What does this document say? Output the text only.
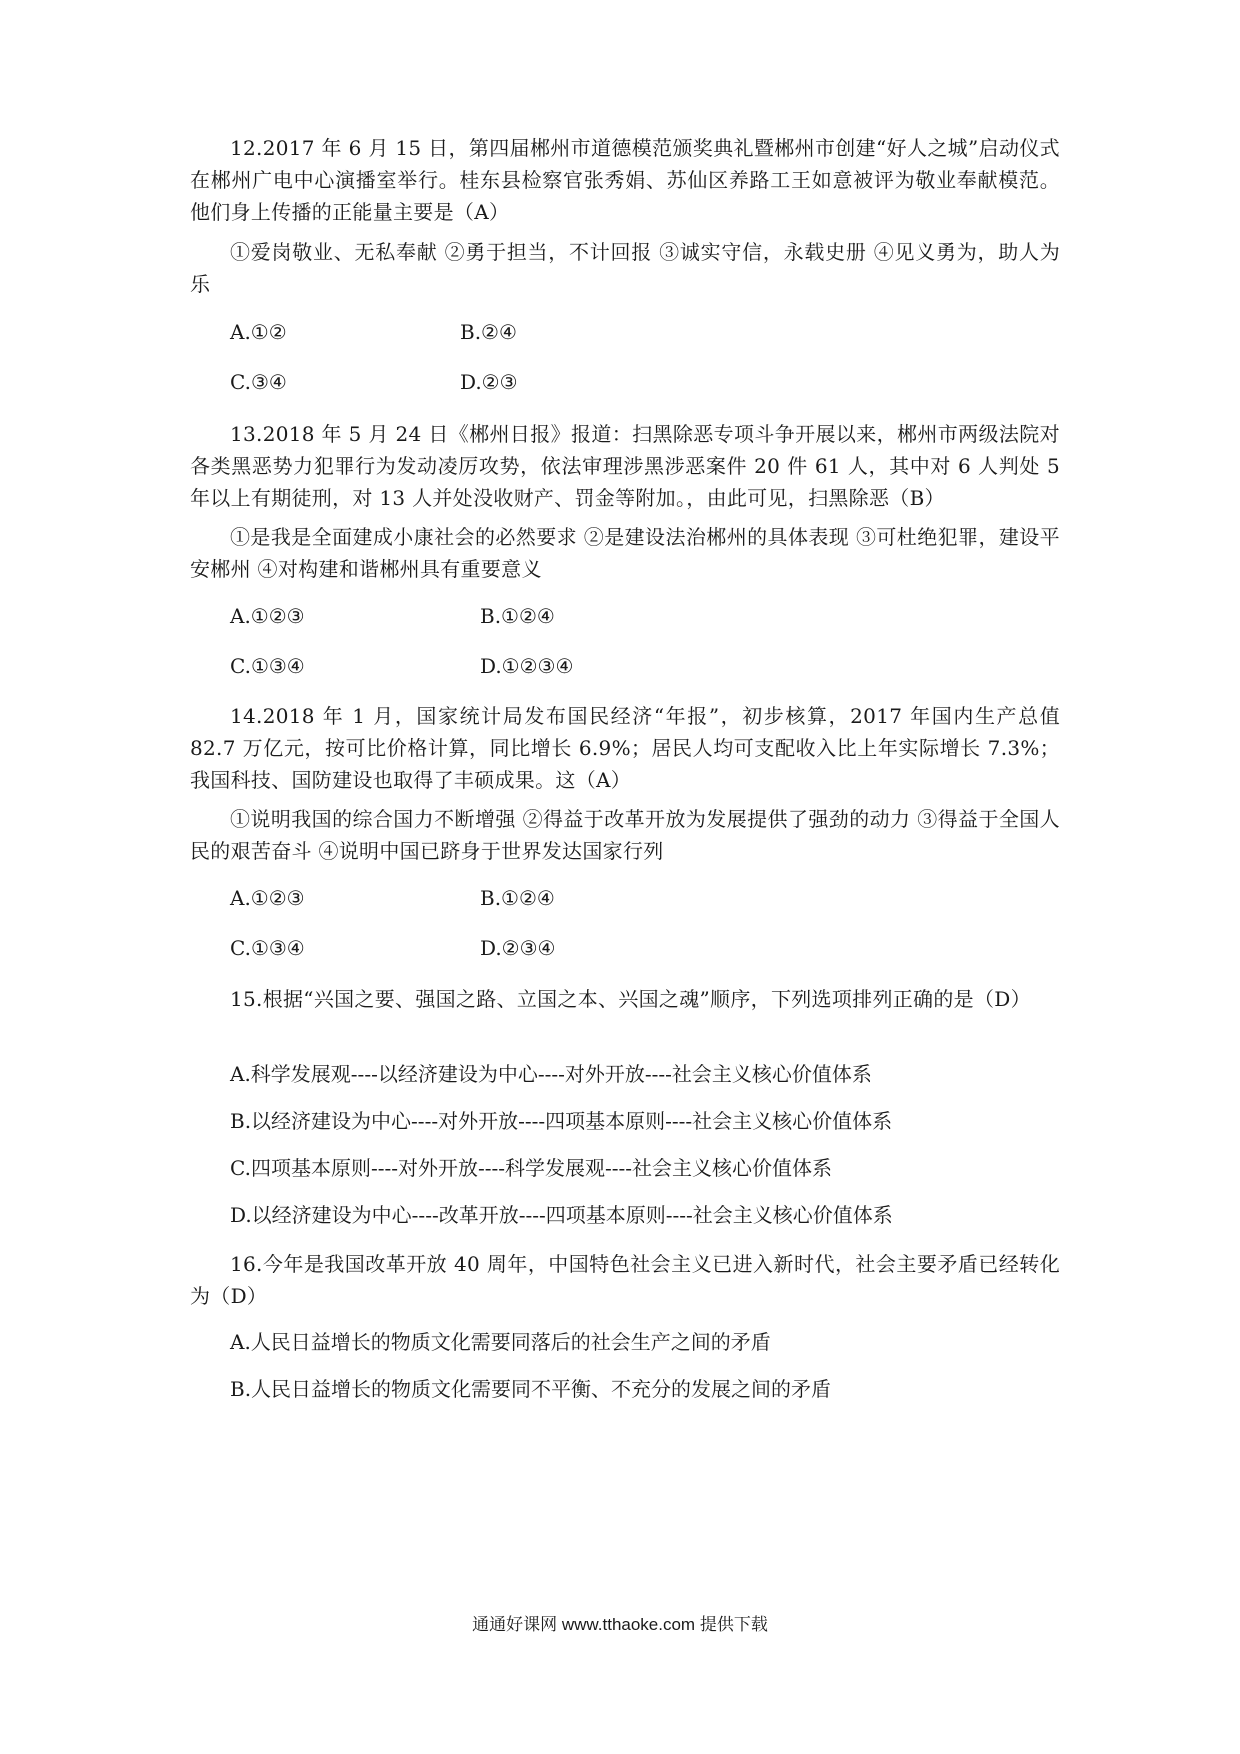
12.2017 年 6 月 15 日，第四届郴州市道德模范颁奖典礼暨郴州市创建“好人之城”启动仪式在郴州广电中心演播室举行。桂东县检察官张秀娟、苏仙区养路工王如意被评为敬业奉献模范。他们身上传播的正能量主要是（A）

①爱岗敬业、无私奉献 ②勇于担当，不计回报 ③诚实守信，永载史册 ④见义勇为，助人为乐

A.①②	B.②④
C.③④	D.②③

13.2018 年 5 月 24 日《郴州日报》报道：扫黑除恶专项斗争开展以来，郴州市两级法院对各类黑恶势力犯罪行为发动凌厉攻势，依法审理涉黑涉恶案件 20 件 61 人，其中对 6 人判处 5 年以上有期徒刑，对 13 人并处没收财产、罚金等附加。，由此可见，扫黑除恶（B）

①是我是全面建成小康社会的必然要求 ②是建设法治郴州的具体表现 ③可杜绝犯罪，建设平安郴州 ④对构建和谐郴州具有重要意义

A.①②③	B.①②④
C.①③④	D.①②③④

14.2018 年 1 月，国家统计局发布国民经济“年报”，初步核算，2017 年国内生产总值 82.7 万亿元，按可比价格计算，同比增长 6.9%；居民人均可支配收入比上年实际增长 7.3%；我国科技、国防建设也取得了丰硕成果。这（A）

①说明我国的综合国力不断增强 ②得益于改革开放为发展提供了强劲的动力 ③得益于全国人民的艰苦奋斗 ④说明中国已跻身于世界发达国家行列

A.①②③	B.①②④
C.①③④	D.②③④

15.根据“兴国之要、强国之路、立国之本、兴国之魂”顺序，下列选项排列正确的是（D）

A.科学发展观----以经济建设为中心----对外开放----社会主义核心价值体系
B.以经济建设为中心----对外开放----四项基本原则----社会主义核心价值体系
C.四项基本原则----对外开放----科学发展观----社会主义核心价值体系
D.以经济建设为中心----改革开放----四项基本原则----社会主义核心价值体系

16.今年是我国改革开放 40 周年，中国特色社会主义已进入新时代，社会主要矛盾已经转化为（D）

A.人民日益增长的物质文化需要同落后的社会生产之间的矛盾
B.人民日益增长的物质文化需要同不平衡、不充分的发展之间的矛盾
通通好课网 www.tthaoke.com 提供下载
